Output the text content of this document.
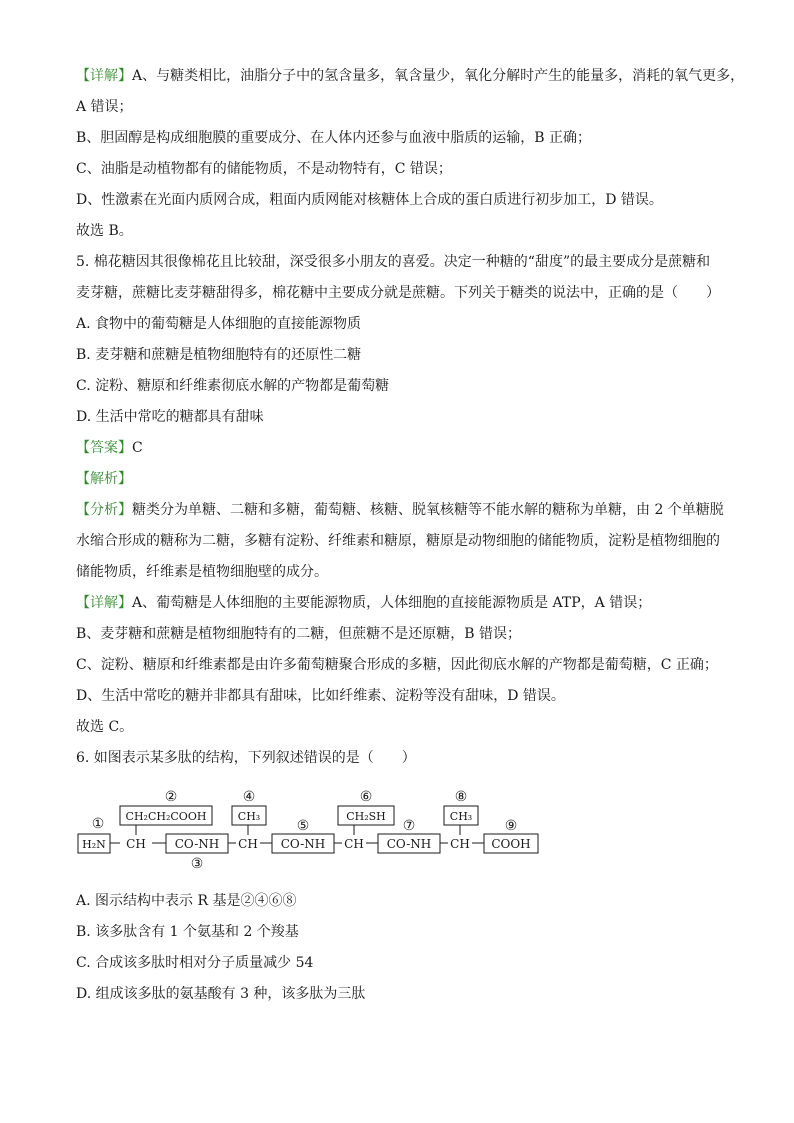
【详解】A、与糖类相比，油脂分子中的氢含量多，氧含量少，氧化分解时产生的能量多，消耗的氧气更多，
A 错误；
B、胆固醇是构成细胞膜的重要成分、在人体内还参与血液中脂质的运输，B 正确；
C、油脂是动植物都有的储能物质，不是动物特有，C 错误；
D、性激素在光面内质网合成，粗面内质网能对核糖体上合成的蛋白质进行初步加工，D 错误。
故选 B。
5. 棉花糖因其很像棉花且比较甜，深受很多小朋友的喜爱。决定一种糖的“甜度”的最主要成分是蔗糖和
麦芽糖，蔗糖比麦芽糖甜得多，棉花糖中主要成分就是蔗糖。下列关于糖类的说法中，正确的是（　　）
A. 食物中的葡萄糖是人体细胞的直接能源物质
B. 麦芽糖和蔗糖是植物细胞特有的还原性二糖
C. 淀粉、糖原和纤维素彻底水解的产物都是葡萄糖
D. 生活中常吃的糖都具有甜味
【答案】C
【解析】
【分析】糖类分为单糖、二糖和多糖，葡萄糖、核糖、脱氧核糖等不能水解的糖称为单糖，由 2 个单糖脱
水缩合形成的糖称为二糖，多糖有淀粉、纤维素和糖原，糖原是动物细胞的储能物质，淀粉是植物细胞的
储能物质，纤维素是植物细胞壁的成分。
【详解】A、葡萄糖是人体细胞的主要能源物质，人体细胞的直接能源物质是 ATP，A 错误；
B、麦芽糖和蔗糖是植物细胞特有的二糖，但蔗糖不是还原糖，B 错误；
C、淀粉、糖原和纤维素都是由许多葡萄糖聚合形成的多糖，因此彻底水解的产物都是葡萄糖，C 正确；
D、生活中常吃的糖并非都具有甜味，比如纤维素、淀粉等没有甜味，D 错误。
故选 C。
6. 如图表示某多肽的结构，下列叙述错误的是（　　）
CH	CH	CH	CH
H₂N
CH₂CH₂COOH
CO-NH
CH₃
CO-NH
CH₂SH
CO-NH
CH₃
COOH
①
②
③
④
⑤
⑥
⑦
⑧
⑨
A. 图示结构中表示 R 基是②④⑥⑧
B. 该多肽含有 1 个氨基和 2 个羧基
C. 合成该多肽时相对分子质量减少 54
D. 组成该多肽的氨基酸有 3 种，该多肽为三肽
